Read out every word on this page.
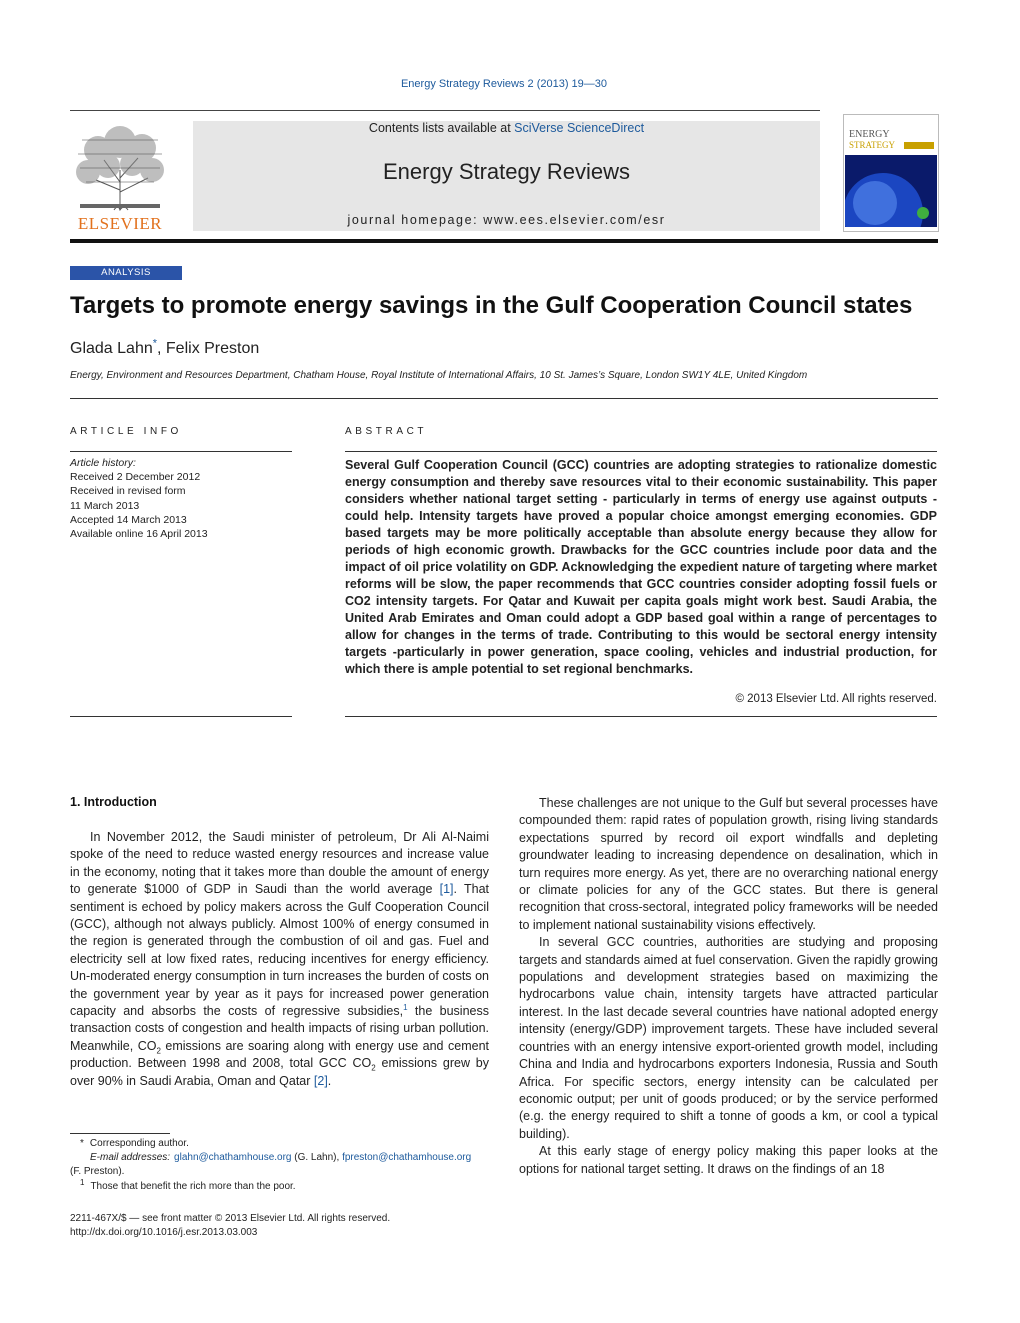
Energy Strategy Reviews 2 (2013) 19—30
ELSEVIER
Contents lists available at SciVerse ScienceDirect
Energy Strategy Reviews
journal homepage: www.ees.elsevier.com/esr
ENERGY
STRATEGY
ANALYSIS
Targets to promote energy savings in the Gulf Cooperation Council states
Glada Lahn*, Felix Preston
Energy, Environment and Resources Department, Chatham House, Royal Institute of International Affairs, 10 St. James’s Square, London SW1Y 4LE, United Kingdom
ARTICLE INFO
Article history:
Received 2 December 2012
Received in revised form
11 March 2013
Accepted 14 March 2013
Available online 16 April 2013
ABSTRACT
Several Gulf Cooperation Council (GCC) countries are adopting strategies to rationalize domestic energy consumption and thereby save resources vital to their economic sustainability. This paper considers whether national target setting - particularly in terms of energy use against outputs - could help. Intensity targets have proved a popular choice amongst emerging economies. GDP based targets may be more politically acceptable than absolute energy because they allow for periods of high economic growth. Drawbacks for the GCC countries include poor data and the impact of oil price volatility on GDP. Acknowledging the expedient nature of targeting where market reforms will be slow, the paper recommends that GCC countries consider adopting fossil fuels or CO2 intensity targets. For Qatar and Kuwait per capita goals might work best. Saudi Arabia, the United Arab Emirates and Oman could adopt a GDP based goal within a range of percentages to allow for changes in the terms of trade. Contributing to this would be sectoral energy intensity targets -particularly in power generation, space cooling, vehicles and industrial production, for which there is ample potential to set regional benchmarks.
© 2013 Elsevier Ltd. All rights reserved.
1. Introduction

In November 2012, the Saudi minister of petroleum, Dr Ali Al-Naimi spoke of the need to reduce wasted energy resources and increase value in the economy, noting that it takes more than double the amount of energy to generate $1000 of GDP in Saudi than the world average [1]. That sentiment is echoed by policy makers across the Gulf Cooperation Council (GCC), although not always publicly. Almost 100% of energy consumed in the region is generated through the combustion of oil and gas. Fuel and electricity sell at low fixed rates, reducing incentives for energy efficiency. Un-moderated energy consumption in turn increases the burden of costs on the government year by year as it pays for increased power generation capacity and absorbs the costs of regressive subsidies,$^1$ the business transaction costs of congestion and health impacts of rising urban pollution. Meanwhile, $CO_2$ emissions are soaring along with energy use and cement production. Between 1998 and 2008, total GCC $CO_2$ emissions grew by over 90% in Saudi Arabia, Oman and Qatar [2].

These challenges are not unique to the Gulf but several processes have compounded them: rapid rates of population growth, rising living standards expectations spurred by record oil export windfalls and depleting groundwater leading to increasing dependence on desalination, which in turn requires more energy. As yet, there are no overarching national energy or climate policies for any of the GCC states. But there is general recognition that cross-sectoral, integrated policy frameworks will be needed to implement national sustainability visions effectively.

In several GCC countries, authorities are studying and proposing targets and standards aimed at fuel conservation. Given the rapidly growing populations and development strategies based on maximizing the hydrocarbons value chain, intensity targets have attracted particular interest. In the last decade several countries have national adopted energy intensity (energy/GDP) improvement targets. These have included several countries with an energy intensive export-oriented growth model, including China and India and hydrocarbons exporters Indonesia, Russia and South Africa. For specific sectors, energy intensity can be calculated per economic output; per unit of goods produced; or by the service performed (e.g. the energy required to shift a tonne of goods a km, or cool a typical building).

At this early stage of energy policy making this paper looks at the options for national target setting. It draws on the findings of an 18

* Corresponding author.
E-mail addresses: glahn@chathamhouse.org (G. Lahn), fpreston@chathamhouse.org
(F. Preston).
$^1$ Those that benefit the rich more than the poor.
2211-467X/$ — see front matter © 2013 Elsevier Ltd. All rights reserved.
http://dx.doi.org/10.1016/j.esr.2013.03.003
